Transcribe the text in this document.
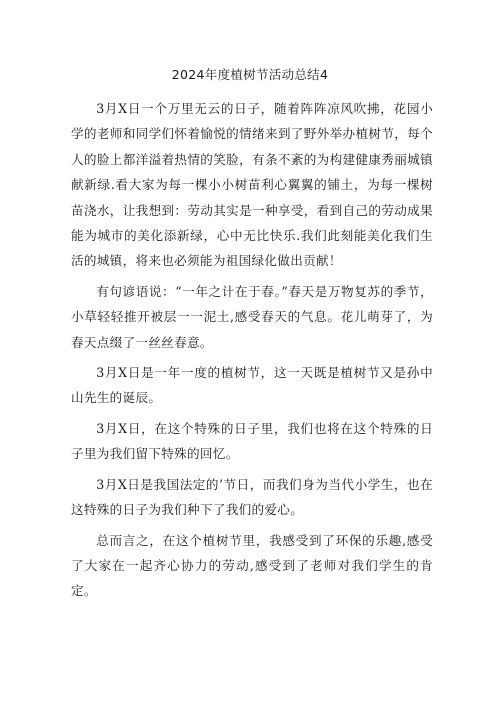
2024年度植树节活动总结4

3月X日一个万里无云的日子，随着阵阵凉风吹拂，花园小学的老师和同学们怀着愉悦的情绪来到了野外举办植树节，每个人的脸上都洋溢着热情的笑脸，有条不紊的为构建健康秀丽城镇献新绿.看大家为每一棵小小树苗利心翼翼的铺土，为每一棵树苗浇水，让我想到：劳动其实是一种享受，看到自己的劳动成果能为城市的美化添新绿，心中无比快乐.我们此刻能美化我们生活的城镇，将来也必须能为祖国绿化做出贡献！

有句谚语说：“一年之计在于春。”春天是万物复苏的季节，小草轻轻推开被层一一泥土,感受春天的气息。花儿萌芽了，为春天点缀了一丝丝春意。

3月X日是一年一度的植树节，这一天既是植树节又是孙中山先生的诞辰。

3月X日，在这个特殊的日子里，我们也将在这个特殊的日子里为我们留下特殊的回忆。

3月X日是我国法定的’节日，而我们身为当代小学生，也在这特殊的日子为我们种下了我们的爱心。

总而言之，在这个植树节里，我感受到了环保的乐趣,感受了大家在一起齐心协力的劳动,感受到了老师对我们学生的肯定。
